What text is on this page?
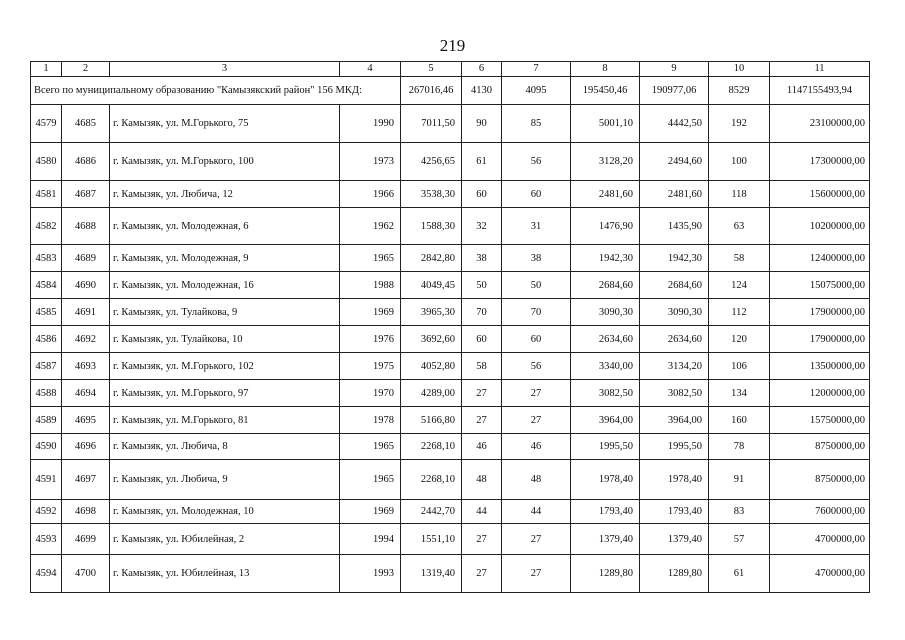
219
1	2	3	4	5	6	7	8	9	10	11
Всего по муниципальному образованию "Камызякский район" 156 МКД:				267016,46	4130	4095	195450,46	190977,06	8529	1147155493,94
4579	4685	г. Камызяк, ул. М.Горького, 75	1990	7011,50	90	85	5001,10	4442,50	192	23100000,00
4580	4686	г. Камызяк, ул. М.Горького, 100	1973	4256,65	61	56	3128,20	2494,60	100	17300000,00
4581	4687	г. Камызяк, ул. Любича, 12	1966	3538,30	60	60	2481,60	2481,60	118	15600000,00
4582	4688	г. Камызяк, ул. Молодежная, 6	1962	1588,30	32	31	1476,90	1435,90	63	10200000,00
4583	4689	г. Камызяк, ул. Молодежная, 9	1965	2842,80	38	38	1942,30	1942,30	58	12400000,00
4584	4690	г. Камызяк, ул. Молодежная, 16	1988	4049,45	50	50	2684,60	2684,60	124	15075000,00
4585	4691	г. Камызяк, ул. Тулайкова, 9	1969	3965,30	70	70	3090,30	3090,30	112	17900000,00
4586	4692	г. Камызяк, ул. Тулайкова, 10	1976	3692,60	60	60	2634,60	2634,60	120	17900000,00
4587	4693	г. Камызяк, ул. М.Горького, 102	1975	4052,80	58	56	3340,00	3134,20	106	13500000,00
4588	4694	г. Камызяк, ул. М.Горького, 97	1970	4289,00	27	27	3082,50	3082,50	134	12000000,00
4589	4695	г. Камызяк, ул. М.Горького, 81	1978	5166,80	27	27	3964,00	3964,00	160	15750000,00
4590	4696	г. Камызяк, ул. Любича, 8	1965	2268,10	46	46	1995,50	1995,50	78	8750000,00
4591	4697	г. Камызяк, ул. Любича, 9	1965	2268,10	48	48	1978,40	1978,40	91	8750000,00
4592	4698	г. Камызяк, ул. Молодежная, 10	1969	2442,70	44	44	1793,40	1793,40	83	7600000,00
4593	4699	г. Камызяк, ул. Юбилейная, 2	1994	1551,10	27	27	1379,40	1379,40	57	4700000,00
4594	4700	г. Камызяк, ул. Юбилейная, 13	1993	1319,40	27	27	1289,80	1289,80	61	4700000,00
